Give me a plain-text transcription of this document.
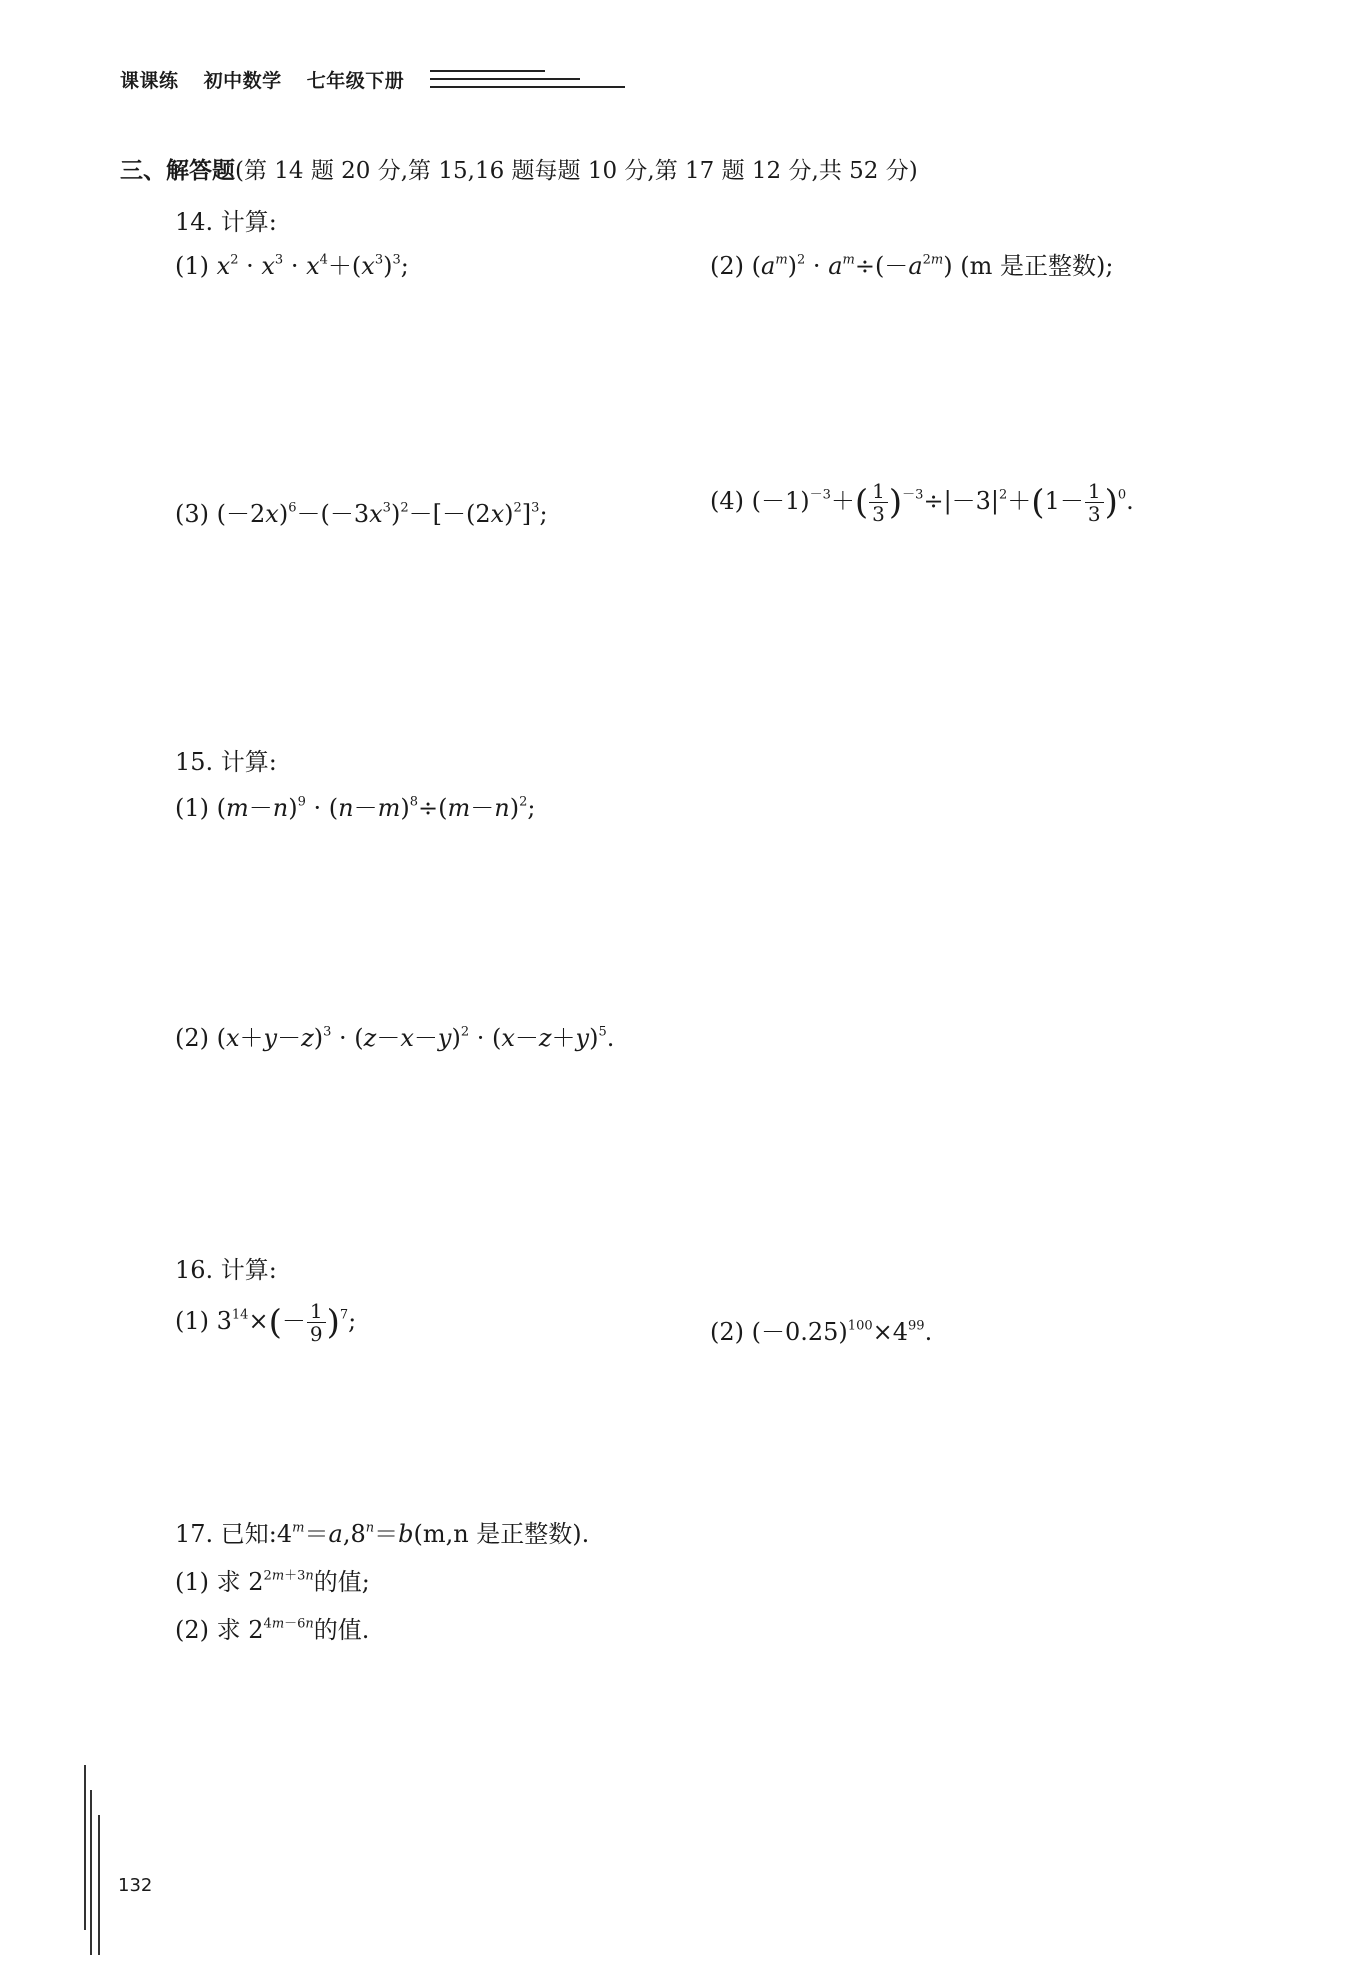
课课练 初中数学 七年级下册
三、解答题(第 14 题 20 分,第 15,16 题每题 10 分,第 17 题 12 分,共 52 分)
14. 计算:
(1) $x^2 \cdot x^3 \cdot x^4+(x^3)^3$;	(2) $(a^m)^2 \cdot a^m\div(-a^{2m})$ (m 是正整数);
(3) $(-2x)^6-(-3x^3)^2-[-(2x)^2]^3$;	(4) $(-1)^{-3}+( \frac{1}{3} )^{-3}\div|-3|^2+(1- \frac{1}{3} )^0$.
15. 计算:
(1) $(m-n)^9 \cdot (n-m)^8\div(m-n)^2$;
(2) $(x+y-z)^3 \cdot (z-x-y)^2 \cdot (x-z+y)^5$.
16. 计算:
(1) $3^{14}\times(- \frac{1}{9} )^7$;	(2) $(-0.25)^{100}\times 4^{99}$.
17. 已知$:4^m=a,8^n=b(m,n$ 是正整数).
(1) 求 $2^{2m+3n}$的值;
(2) 求 $2^{4m-6n}$的值.
132
